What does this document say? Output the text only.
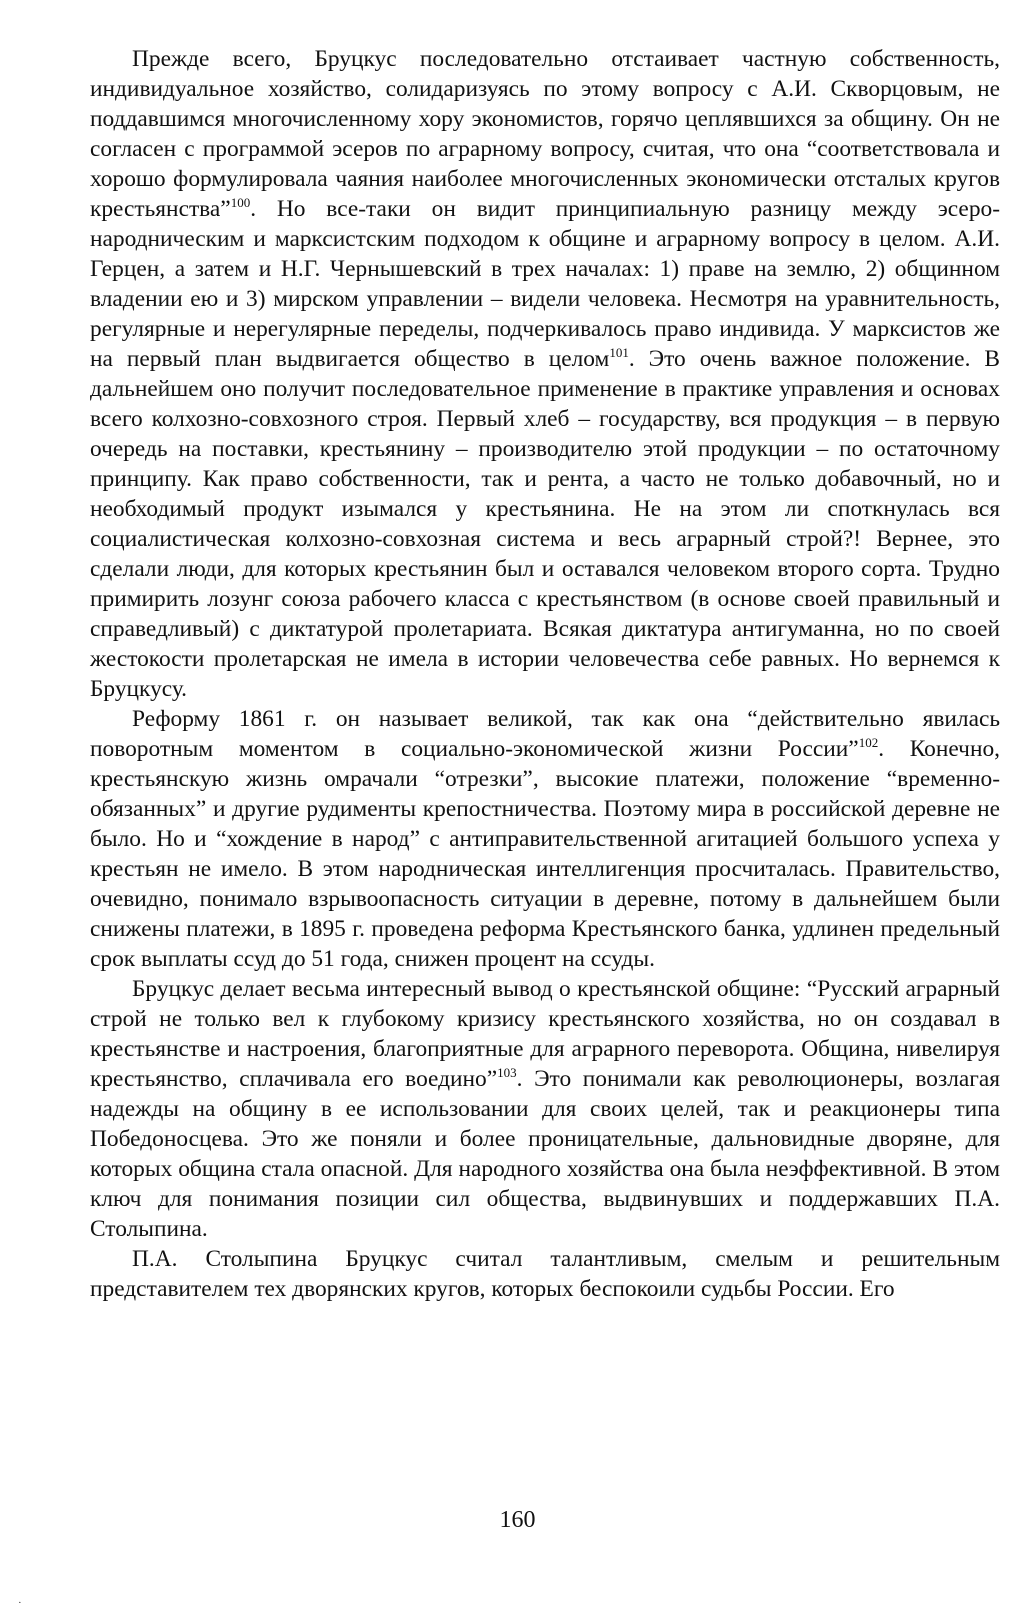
Прежде всего, Бруцкус последовательно отстаивает частную собственность, индивидуальное хозяйство, солидаризуясь по этому вопросу с А.И. Скворцовым, не поддавшимся многочисленному хору экономистов, горячо цеплявшихся за общину. Он не согласен с программой эсеров по аграрному вопросу, считая, что она “соответствовала и хорошо формулировала чаяния наиболее многочисленных экономически отсталых кругов крестьянства”$^{100}$. Но все-таки он видит принципиальную разницу между эсеро-народническим и марксистским подходом к общине и аграрному вопросу в целом. А.И. Герцен, а затем и Н.Г. Чернышевский в трех началах: 1) праве на землю, 2) общинном владении ею и 3) мирском управлении – видели человека. Несмотря на уравнительность, регулярные и нерегулярные переделы, подчеркивалось право индивида. У марксистов же на первый план выдвигается общество в целом$^{101}$. Это очень важное положение. В дальнейшем оно получит последовательное применение в практике управления и основах всего колхозно-совхозного строя. Первый хлеб – государству, вся продукция – в первую очередь на поставки, крестьянину – производителю этой продукции – по остаточному принципу. Как право собственности, так и рента, а часто не только добавочный, но и необходимый продукт изымался у крестьянина. Не на этом ли споткнулась вся социалистическая колхозно-совхозная система и весь аграрный строй?! Вернее, это сделали люди, для которых крестьянин был и оставался человеком второго сорта. Трудно примирить лозунг союза рабочего класса с крестьянством (в основе своей правильный и справедливый) с диктатурой пролетариата. Всякая диктатура антигуманна, но по своей жестокости пролетарская не имела в истории человечества себе равных. Но вернемся к Бруцкусу.

Реформу 1861 г. он называет великой, так как она “действительно явилась поворотным моментом в социально-экономической жизни России”$^{102}$. Конечно, крестьянскую жизнь омрачали “отрезки”, высокие платежи, положение “временно-обязанных” и другие рудименты крепостничества. Поэтому мира в российской деревне не было. Но и “хождение в народ” с антиправительственной агитацией большого успеха у крестьян не имело. В этом народническая интеллигенция просчиталась. Правительство, очевидно, понимало взрывоопасность ситуации в деревне, потому в дальнейшем были снижены платежи, в 1895 г. проведена реформа Крестьянского банка, удлинен предельный срок выплаты ссуд до 51 года, снижен процент на ссуды.

Бруцкус делает весьма интересный вывод о крестьянской общине: “Русский аграрный строй не только вел к глубокому кризису крестьянского хозяйства, но он создавал в крестьянстве и настроения, благоприятные для аграрного переворота. Община, нивелируя крестьянство, сплачивала его воедино”$^{103}$. Это понимали как революционеры, возлагая надежды на общину в ее использовании для своих целей, так и реакционеры типа Победоносцева. Это же поняли и более проницательные, дальновидные дворяне, для которых община стала опасной. Для народного хозяйства она была неэффективной. В этом ключ для понимания позиции сил общества, выдвинувших и поддержавших П.А. Столыпина.

П.А. Столыпина Бруцкус считал талантливым, смелым и решительным представителем тех дворянских кругов, которых беспокоили судьбы России. Его

160
·
